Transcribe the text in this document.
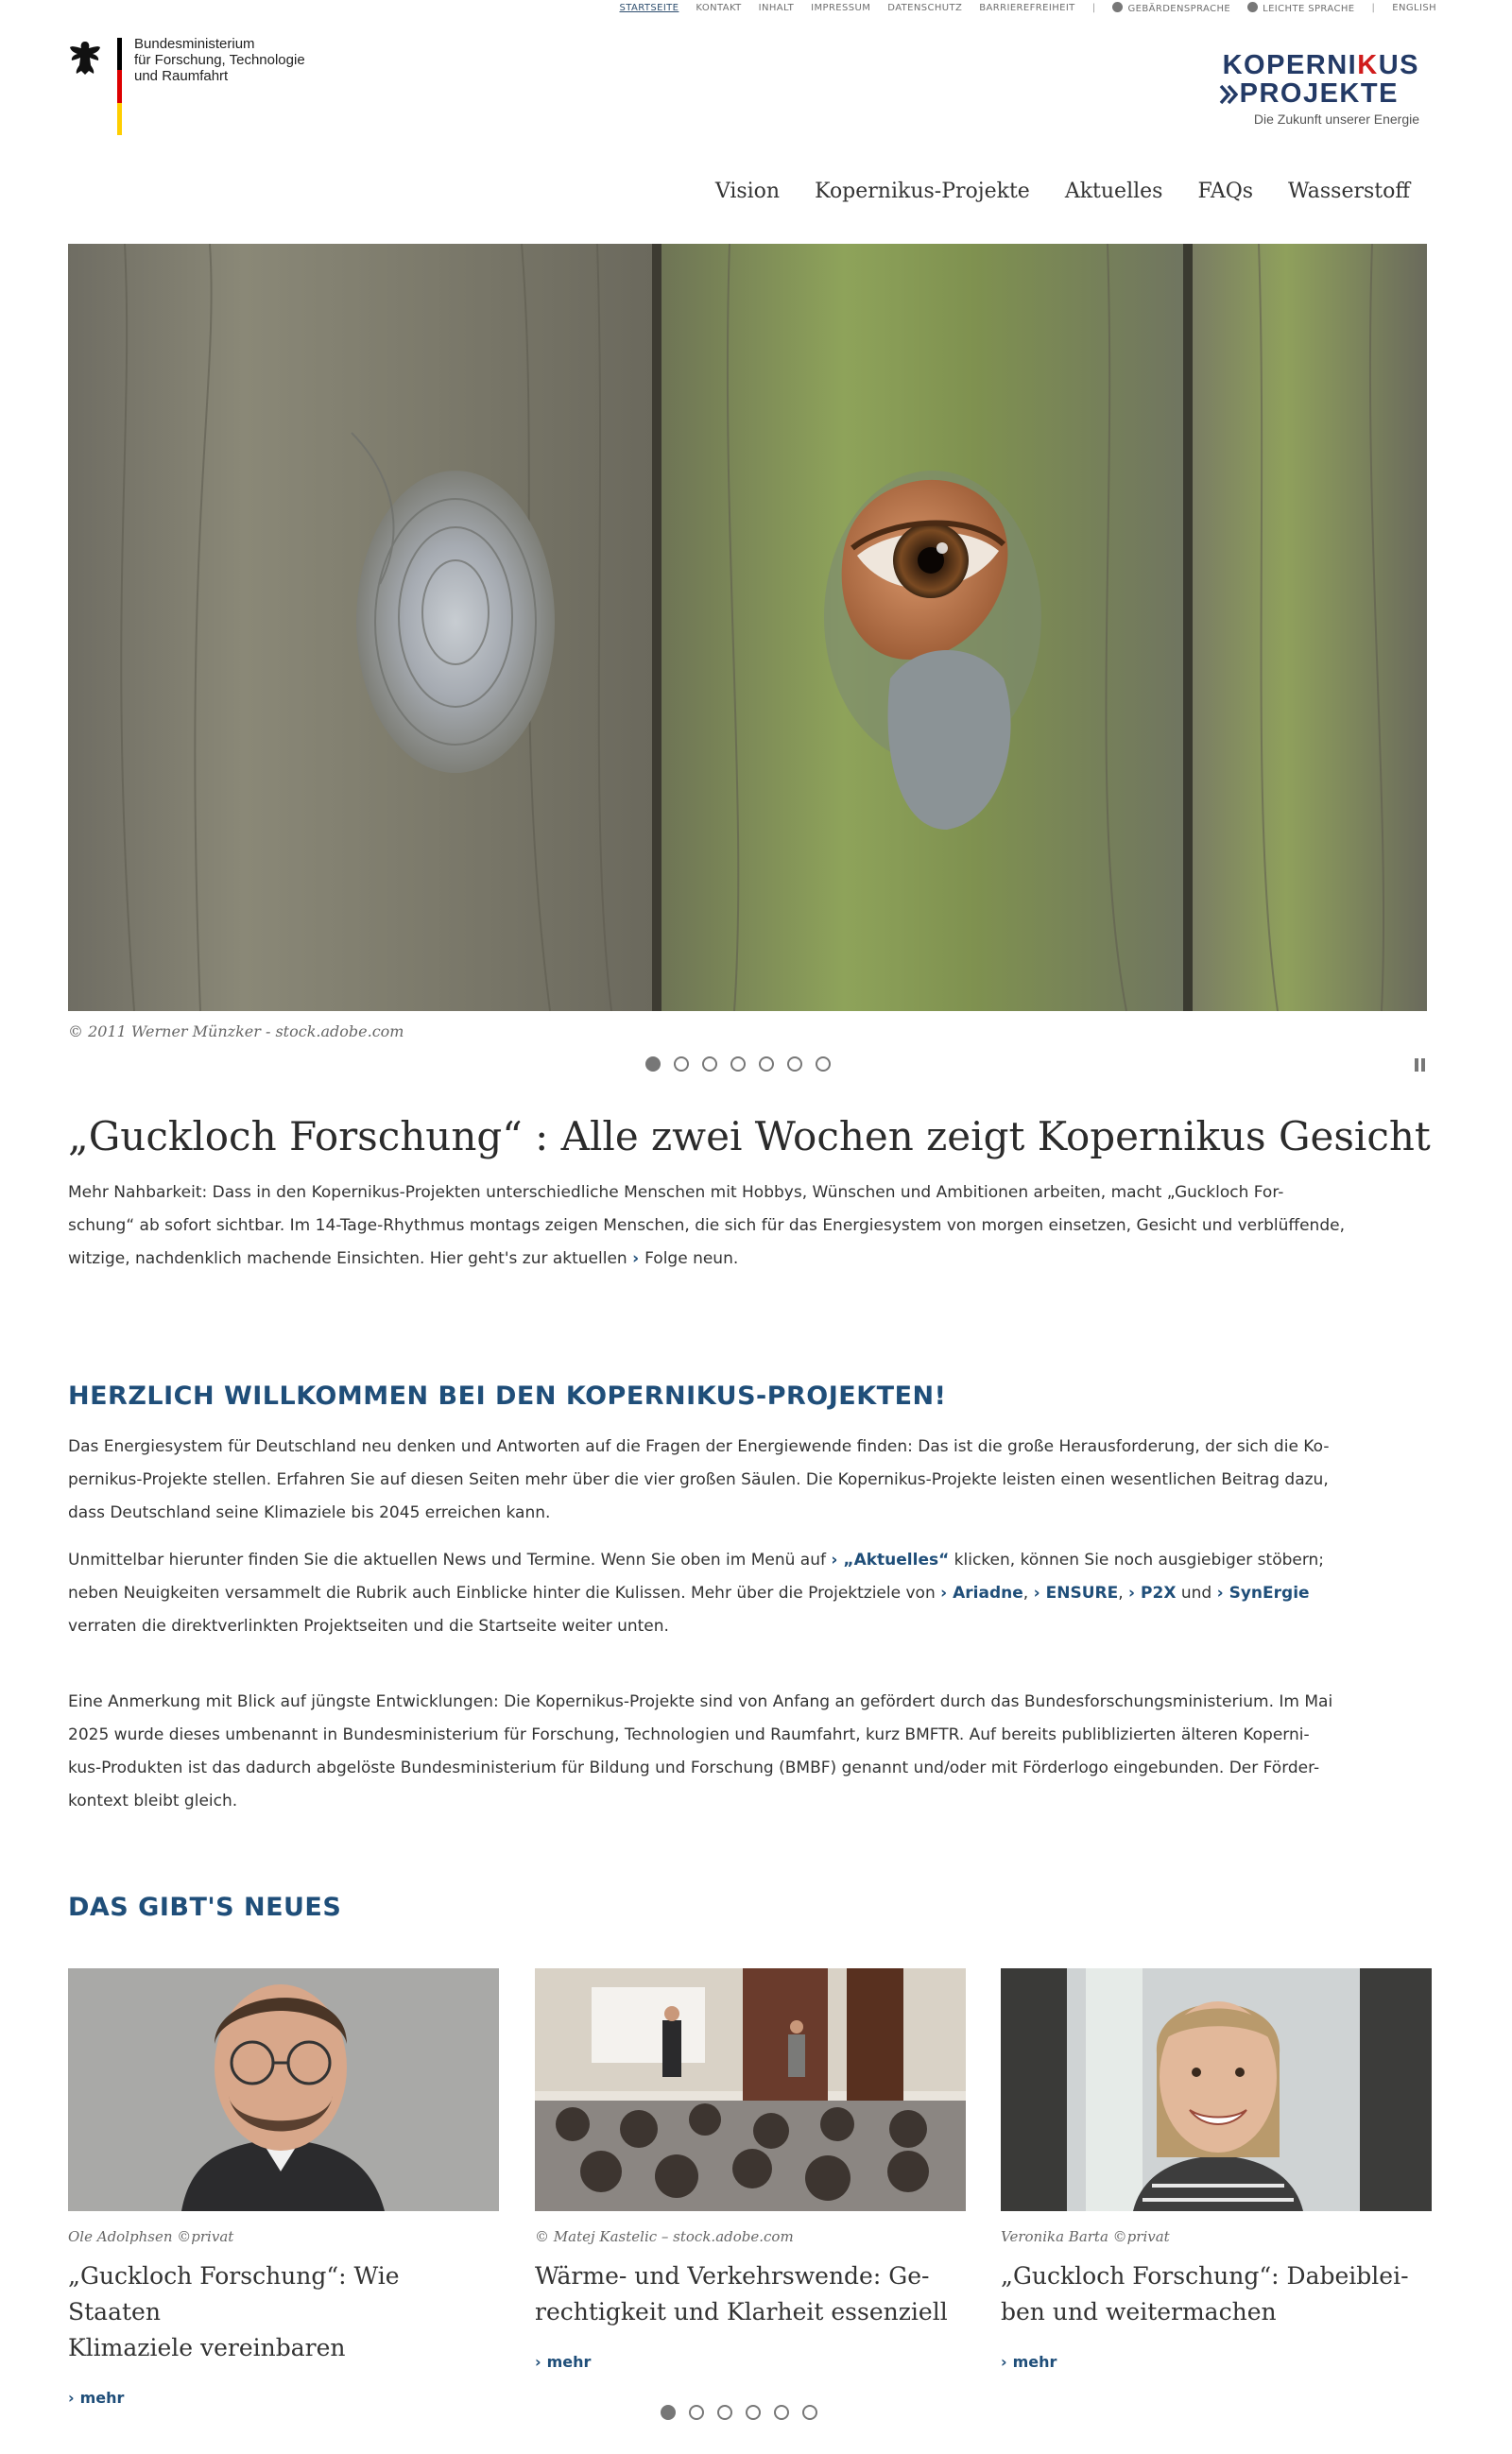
STARTSEITE KONTAKT INHALT IMPRESSUM DATENSCHUTZ BARRIEREFREIHEIT |	GEBÄRDENSPRACHE	LEICHTE SPRACHE | ENGLISH
Bundesministerium
für Forschung, Technologie
und Raumfahrt	KOPERNIKUS
PROJEKTE
Die Zukunft unserer Energie
Vision Kopernikus-Projekte Aktuelles FAQs Wasserstoff
© 2011 Werner Münzker - stock.adobe.com
„Guckloch Forschung“ : Alle zwei Wochen zeigt Kopernikus Gesicht
Mehr Nahbarkeit: Dass in den Kopernikus-Projekten unterschiedliche Menschen mit Hobbys, Wünschen und Ambitionen arbeiten, macht „Guckloch For-
schung“ ab sofort sichtbar. Im 14-Tage-Rhythmus montags zeigen Menschen, die sich für das Energiesystem von morgen einsetzen, Gesicht und verblüffende,
witzige, nachdenklich machende Einsichten. Hier geht's zur aktuellen › Folge neun.
HERZLICH WILLKOMMEN BEI DEN KOPERNIKUS-PROJEKTEN!
Das Energiesystem für Deutschland neu denken und Antworten auf die Fragen der Energiewende finden: Das ist die große Herausforderung, der sich die Ko-
pernikus-Projekte stellen. Erfahren Sie auf diesen Seiten mehr über die vier großen Säulen. Die Kopernikus-Projekte leisten einen wesentlichen Beitrag dazu,
dass Deutschland seine Klimaziele bis 2045 erreichen kann.
Unmittelbar hierunter finden Sie die aktuellen News und Termine. Wenn Sie oben im Menü auf › „Aktuelles“ klicken, können Sie noch ausgiebiger stöbern;
neben Neuigkeiten versammelt die Rubrik auch Einblicke hinter die Kulissen. Mehr über die Projektziele von › Ariadne, › ENSURE, › P2X und › SynErgie
verraten die direktverlinkten Projektseiten und die Startseite weiter unten.
Eine Anmerkung mit Blick auf jüngste Entwicklungen: Die Kopernikus-Projekte sind von Anfang an gefördert durch das Bundesforschungsministerium. Im Mai
2025 wurde dieses umbenannt in Bundesministerium für Forschung, Technologien und Raumfahrt, kurz BMFTR. Auf bereits publiblizierten älteren Koperni-
kus-Produkten ist das dadurch abgelöste Bundesministerium für Bildung und Forschung (BMBF) genannt und/oder mit Förderlogo eingebunden. Der Förder-
kontext bleibt gleich.
DAS GIBT'S NEUES
Ole Adolphsen ©privat
„Guckloch Forschung“: Wie Staaten
Klimaziele vereinbaren
› mehr
© Matej Kastelic – stock.adobe.com
Wärme- und Verkehrswende: Ge-
rechtigkeit und Klarheit essenziell
› mehr
Veronika Barta ©privat
„Guckloch Forschung“: Dabeiblei-
ben und weitermachen
› mehr
